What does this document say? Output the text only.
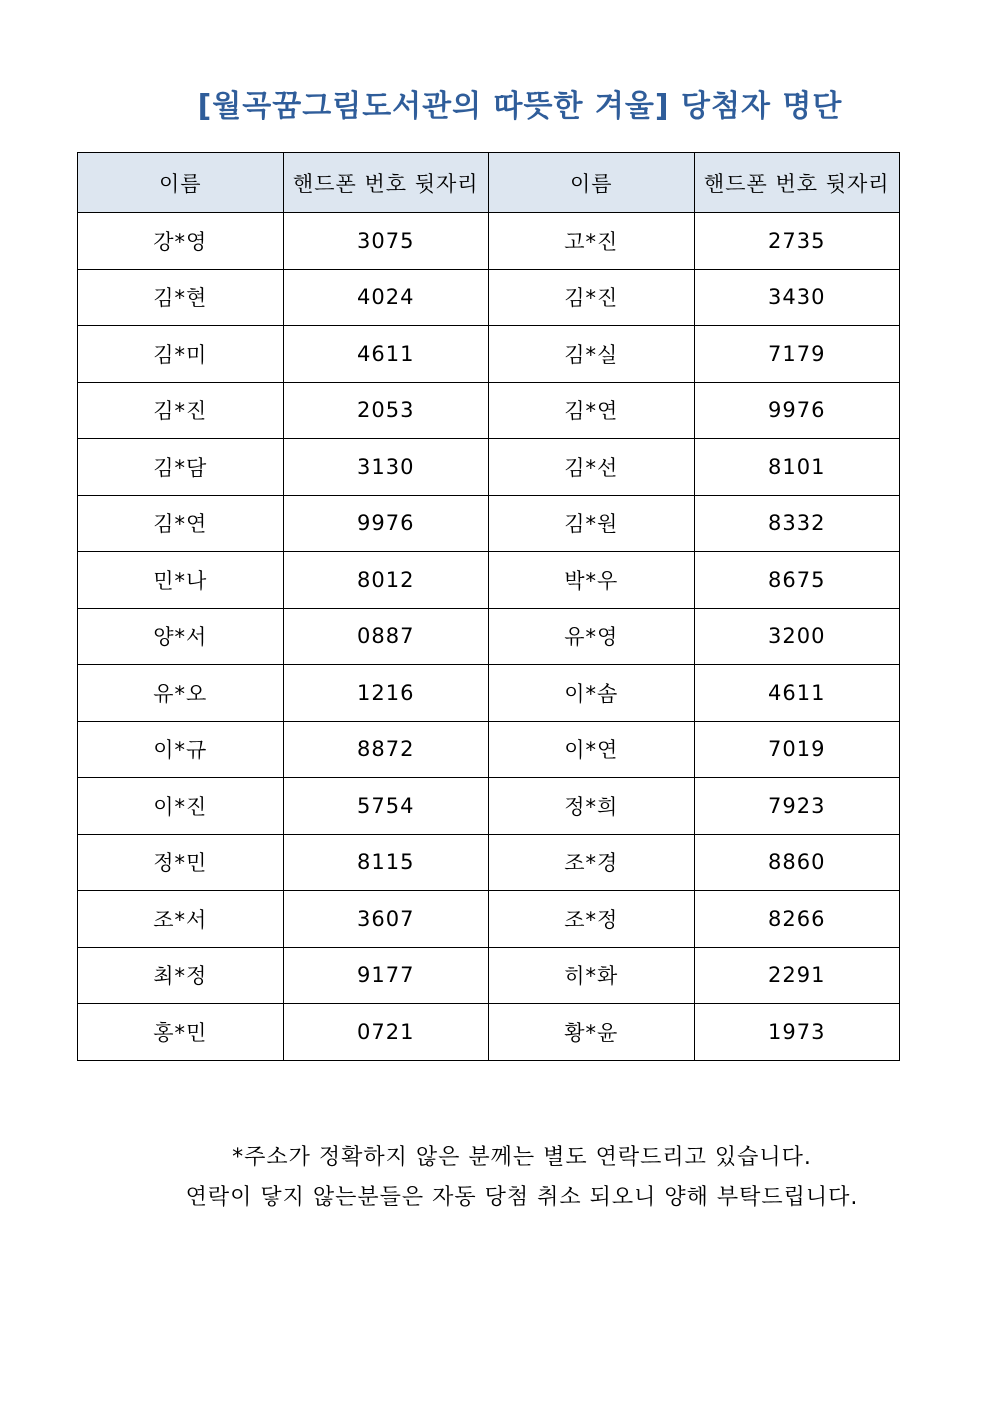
[월곡꿈그림도서관의 따뜻한 겨울] 당첨자 명단
이름	핸드폰 번호 뒷자리	이름	핸드폰 번호 뒷자리
강*영	3075	고*진	2735
김*현	4024	김*진	3430
김*미	4611	김*실	7179
김*진	2053	김*연	9976
김*담	3130	김*선	8101
김*연	9976	김*원	8332
민*나	8012	박*우	8675
양*서	0887	유*영	3200
유*오	1216	이*솜	4611
이*규	8872	이*연	7019
이*진	5754	정*희	7923
정*민	8115	조*경	8860
조*서	3607	조*정	8266
최*정	9177	히*화	2291
홍*민	0721	황*윤	1973
*주소가 정확하지 않은 분께는 별도 연락드리고 있습니다.
연락이 닿지 않는분들은 자동 당첨 취소 되오니 양해 부탁드립니다.
